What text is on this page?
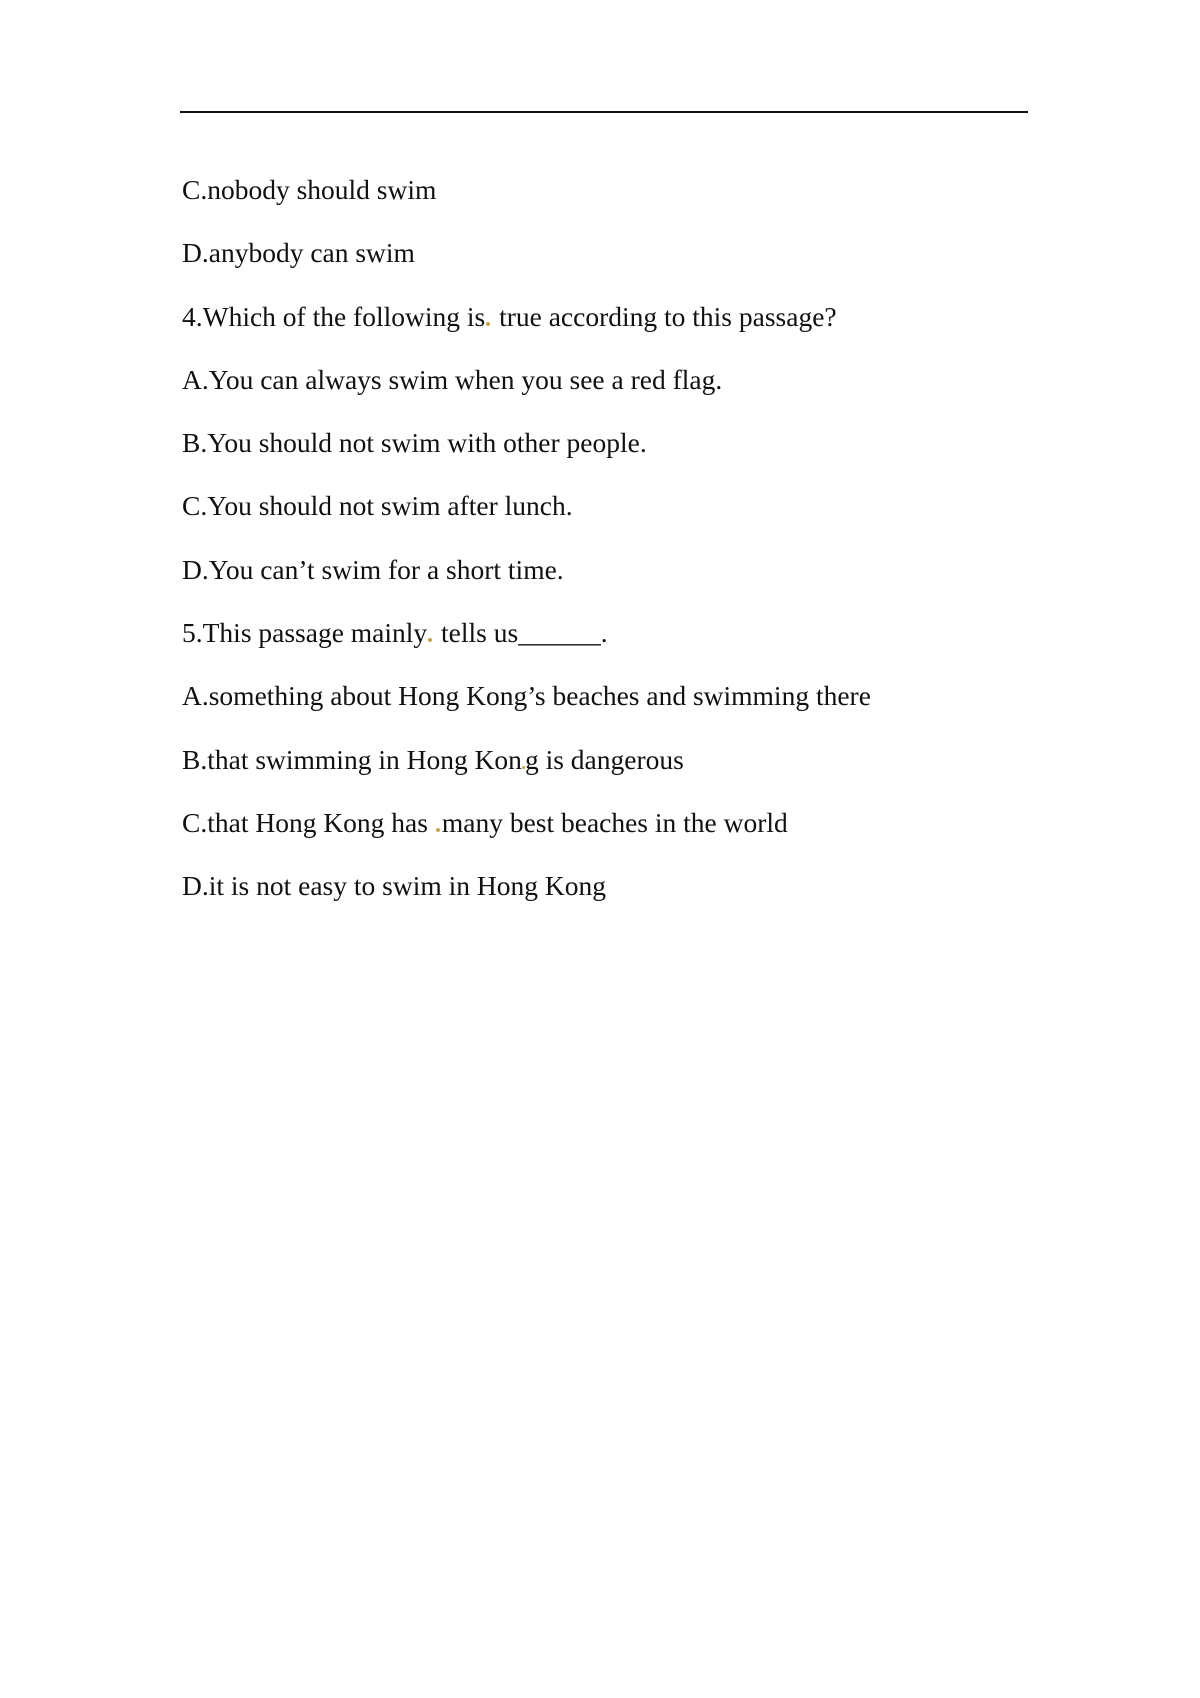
C.nobody should swim
D.anybody can swim
4.Which of the following is true according to this passage?
A.You can always swim when you see a red flag.
B.You should not swim with other people.
C.You should not swim after lunch.
D.You can’t swim for a short time.
5.This passage mainly tells us______.
A.something about Hong Kong’s beaches and swimming there
B.that swimming in Hong Kon g is dangerous
C.that Hong Kong has many best beaches in the world
D.it is not easy to swim in Hong Kong
